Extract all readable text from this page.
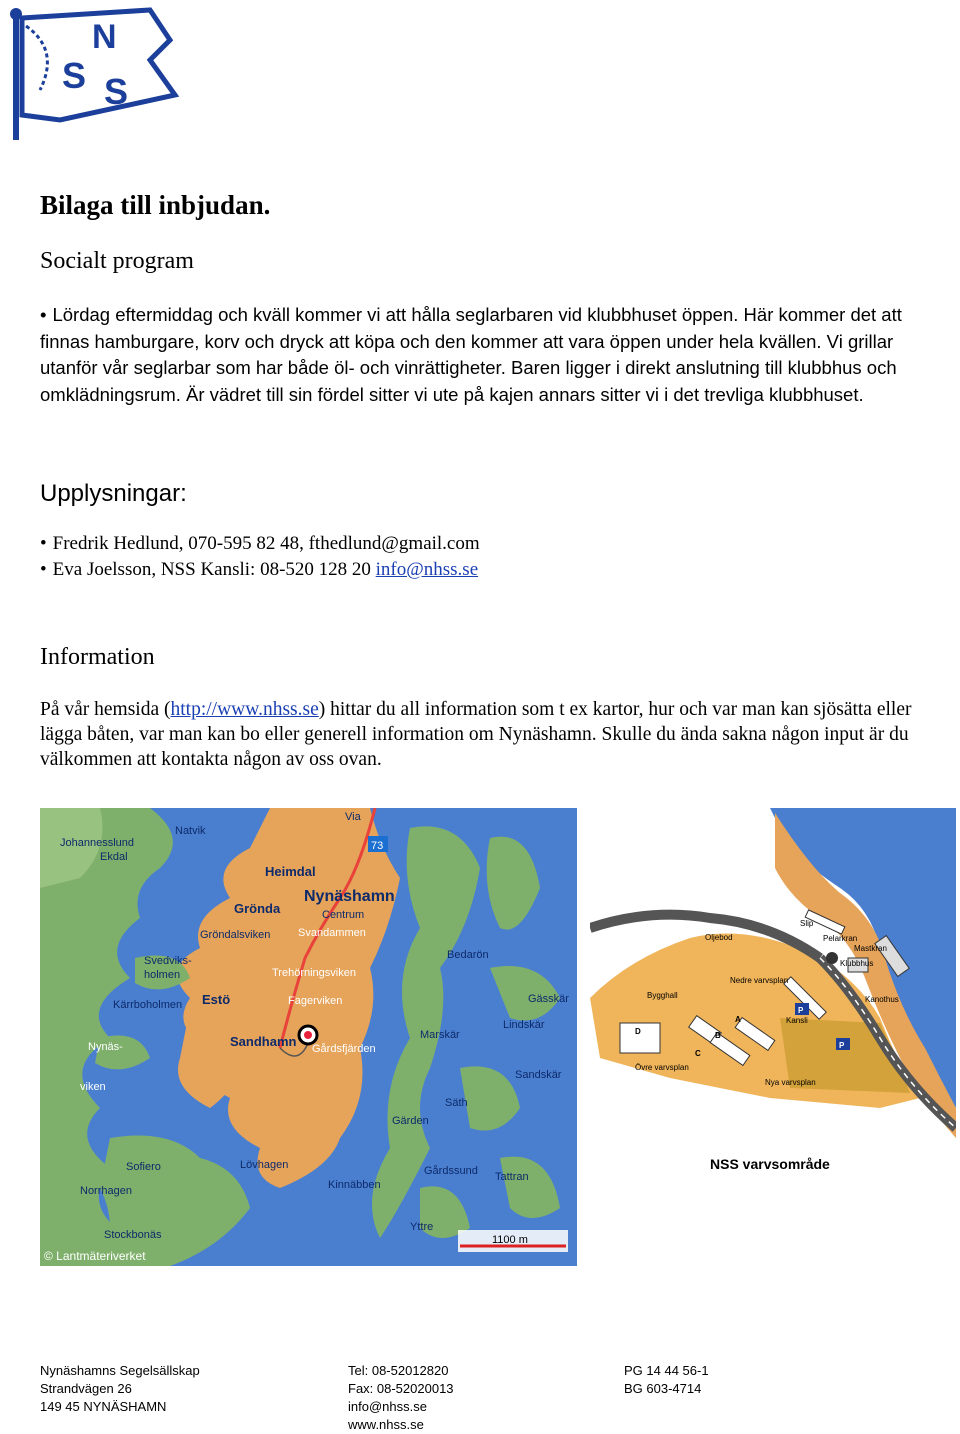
N
S S
Bilaga till inbjudan.
Socialt program
• Lördag eftermiddag och kväll kommer vi att hålla seglarbaren vid klubbhuset öppen. Här kommer det att finnas hamburgare, korv och dryck att köpa och den kommer att vara öppen under hela kvällen. Vi grillar utanför vår seglarbar som har både öl- och vinrättigheter. Baren ligger i direkt anslutning till klubbhus och omklädningsrum. Är vädret till sin fördel sitter vi ute på kajen annars sitter vi i det trevliga klubbhuset.
Upplysningar:
• Fredrik Hedlund, 070-595 82 48, fthedlund@gmail.com
• Eva Joelsson, NSS Kansli: 08-520 128 20 info@nhss.se
Information
På vår hemsida (http://www.nhss.se) hittar du all information som t ex kartor, hur och var man kan sjösätta eller lägga båten, var man kan bo eller generell information om Nynäshamn. Skulle du ända sakna någon input är du välkommen att kontakta någon av oss ovan.
73
Via
Johannesslund
Natvik
Ekdal
Heimdal
Nynäshamn
Centrum
Grönda
Gröndalsviken	Svandammen
Svedviks-
holmen	Trehörningsviken
Bedarön
Kärrboholmen Estö	Fagerviken	Gässkär
Lindskär
Marskär
Nynäs-
viken
Sandhamn Gårdsfjärden
Sandskär
Säth
Gärden
Sofiero	Lövhagen	Gårdssund Tattran
Norrhagen	Kinnäbben
Yttre
Stockbonäs	1100 m
© Lantmäteriverket
Oljebod
Slip
Pelarkran
Mastkran
Klubbhus
Nedre varvsplan
Bygghall
Kansli
Kanothus
Övre varvsplan
Nya varvsplan
A
B
C
D
P
P
NSS varvsområde
Nynäshamns Segelsällskap
Strandvägen 26
149 45 NYNÄSHAMN
Tel: 08-52012820
Fax: 08-52020013
info@nhss.se
www.nhss.se
PG 14 44 56-1
BG 603-4714
